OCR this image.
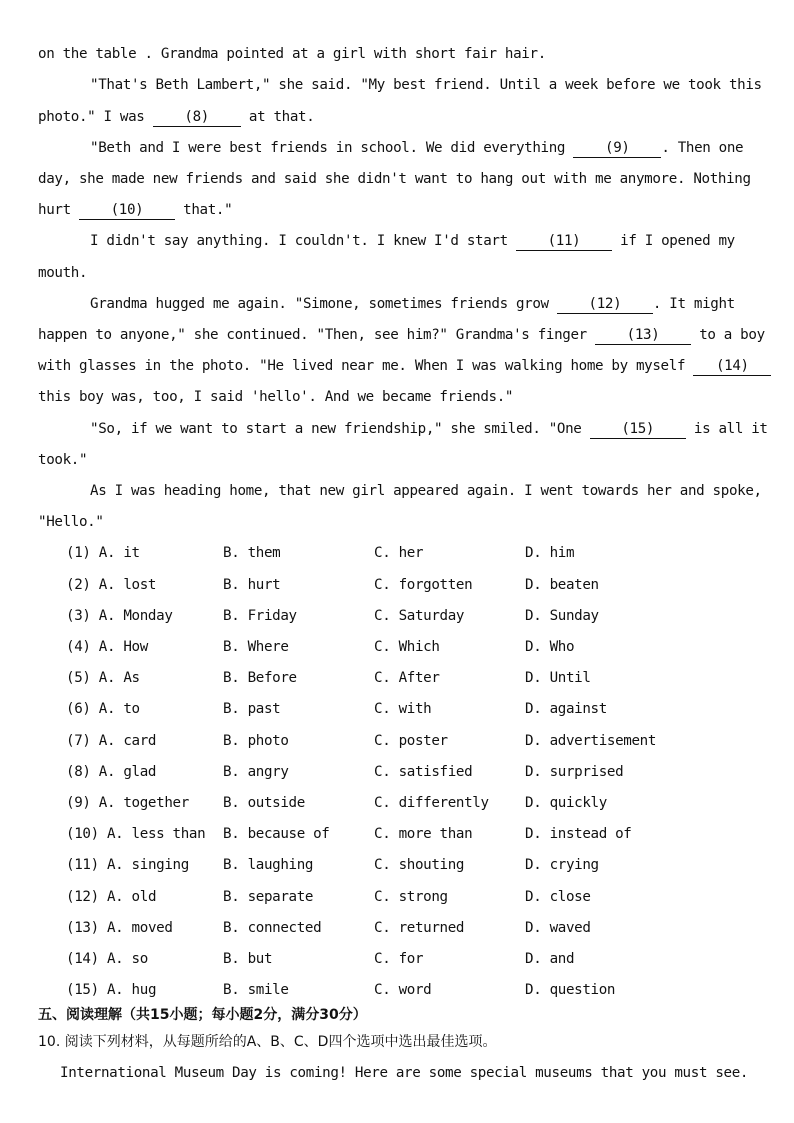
on the table . Grandma pointed at a girl with short fair hair.
"That's Beth Lambert," she said. "My best friend. Until a week before we took this
photo." I was (8) at that.
"Beth and I were best friends in school. We did everything (9) . Then one
day, she made new friends and said she didn't want to hang out with me anymore. Nothing
hurt (10) that."
I didn't say anything. I couldn't. I knew I'd start (11) if I opened my
mouth.
Grandma hugged me again. "Simone, sometimes friends grow (12) . It might
happen to anyone," she continued. "Then, see him?" Grandma's finger (13) to a boy
with glasses in the photo. "He lived near me. When I was walking home by myself (14)
this boy was, too, I said 'hello'. And we became friends."
"So, if we want to start a new friendship," she smiled. "One (15) is all it
took."
As I was heading home, that new girl appeared again. I went towards her and spoke,
"Hello."
(1) A. it	B. them	C. her	D. him
(2) A. lost	B. hurt	C. forgotten	D. beaten
(3) A. Monday	B. Friday	C. Saturday	D. Sunday
(4) A. How	B. Where	C. Which	D. Who
(5) A. As	B. Before	C. After	D. Until
(6) A. to	B. past	C. with	D. against
(7) A. card	B. photo	C. poster	D. advertisement
(8) A. glad	B. angry	C. satisfied	D. surprised
(9) A. together B. outside	C. differently	D. quickly
(10) A. less than B. because of	C. more than	D. instead of
(11) A. singing B. laughing	C. shouting	D. crying
(12) A. old	B. separate	C. strong	D. close
(13) A. moved	B. connected	C. returned	D. waved
(14) A. so	B. but	C. for	D. and
(15) A. hug	B. smile	C. word	D. question
五、阅读理解（共15小题；每小题2分，满分30分）
10. 阅读下列材料，从每题所给的A、B、C、D四个选项中选出最佳选项。
International Museum Day is coming! Here are some special museums that you must see.
